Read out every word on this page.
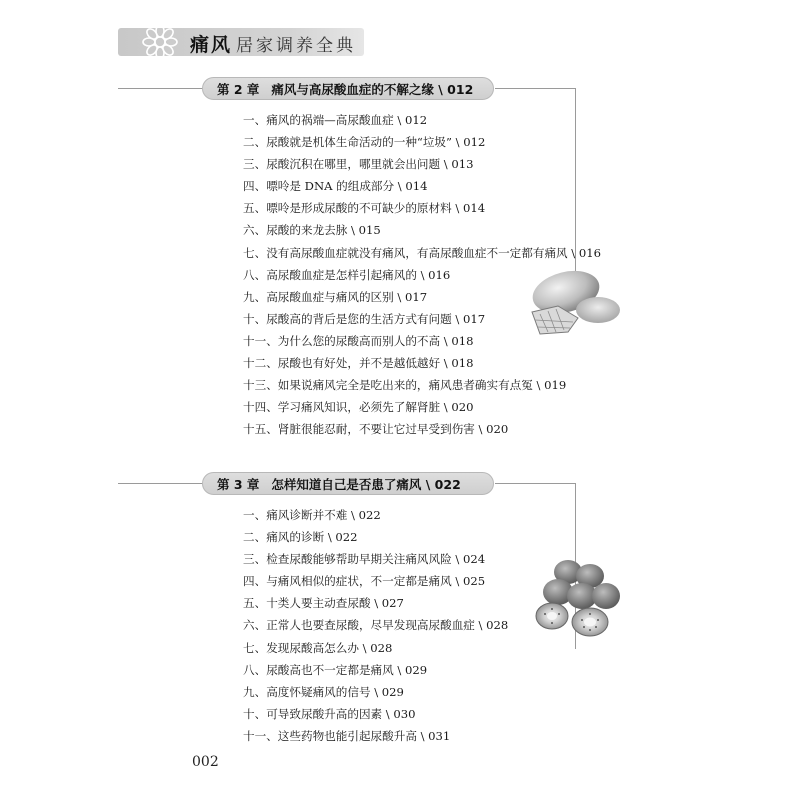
痛风 居家调养全典
第 2 章 痛风与高尿酸血症的不解之缘 \ 012
一、痛风的祸端—高尿酸血症 \ 012
二、尿酸就是机体生命活动的一种“垃圾” \ 012
三、尿酸沉积在哪里，哪里就会出问题 \ 013
四、嘌呤是 DNA 的组成部分 \ 014
五、嘌呤是形成尿酸的不可缺少的原材料 \ 014
六、尿酸的来龙去脉 \ 015
七、没有高尿酸血症就没有痛风，有高尿酸血症不一定都有痛风 \ 016
八、高尿酸血症是怎样引起痛风的 \ 016
九、高尿酸血症与痛风的区别 \ 017
十、尿酸高的背后是您的生活方式有问题 \ 017
十一、为什么您的尿酸高而别人的不高 \ 018
十二、尿酸也有好处，并不是越低越好 \ 018
十三、如果说痛风完全是吃出来的，痛风患者确实有点冤 \ 019
十四、学习痛风知识，必须先了解肾脏 \ 020
十五、肾脏很能忍耐，不要让它过早受到伤害 \ 020
第 3 章 怎样知道自己是否患了痛风 \ 022
一、痛风诊断并不难 \ 022
二、痛风的诊断 \ 022
三、检查尿酸能够帮助早期关注痛风风险 \ 024
四、与痛风相似的症状，不一定都是痛风 \ 025
五、十类人要主动查尿酸 \ 027
六、正常人也要查尿酸，尽早发现高尿酸血症 \ 028
七、发现尿酸高怎么办 \ 028
八、尿酸高也不一定都是痛风 \ 029
九、高度怀疑痛风的信号 \ 029
十、可导致尿酸升高的因素 \ 030
十一、这些药物也能引起尿酸升高 \ 031
002
